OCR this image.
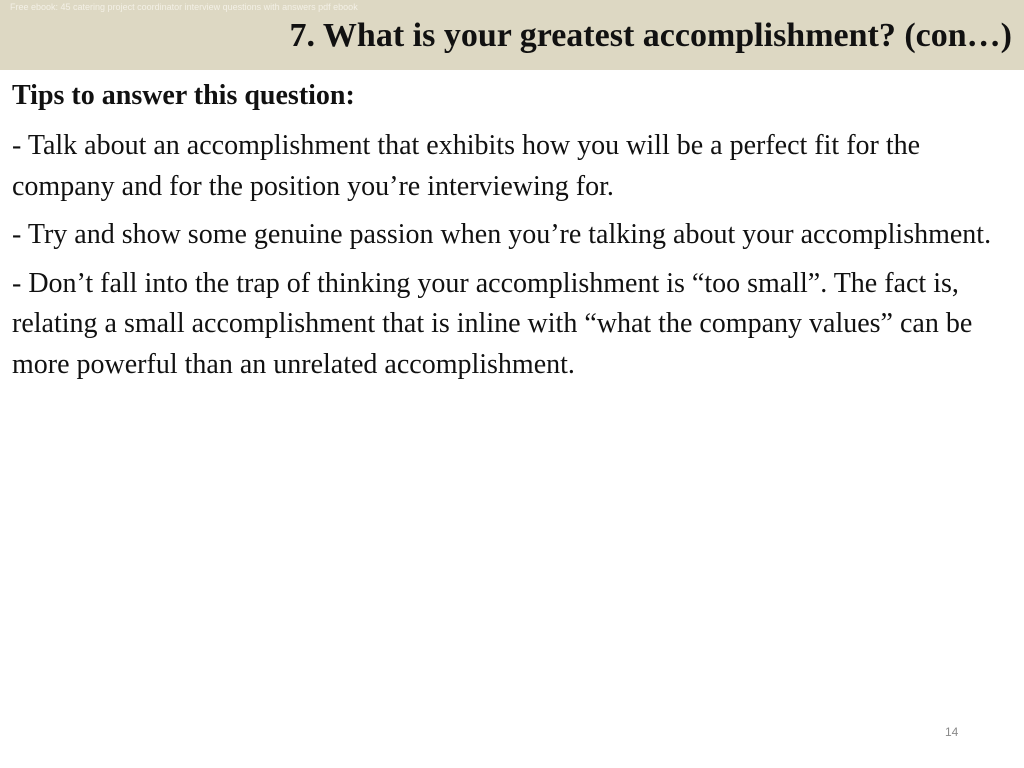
Free ebook: 45 catering project coordinator interview questions with answers pdf ebook
7. What is your greatest accomplishment? (con…)

Tips to answer this question:

- Talk about an accomplishment that exhibits how you will be a perfect fit for the company and for the position you’re interviewing for.

- Try and show some genuine passion when you’re talking about your accomplishment.

- Don’t fall into the trap of thinking your accomplishment is “too small”. The fact is, relating a small accomplishment that is inline with “what the company values” can be more powerful than an unrelated accomplishment.

14
